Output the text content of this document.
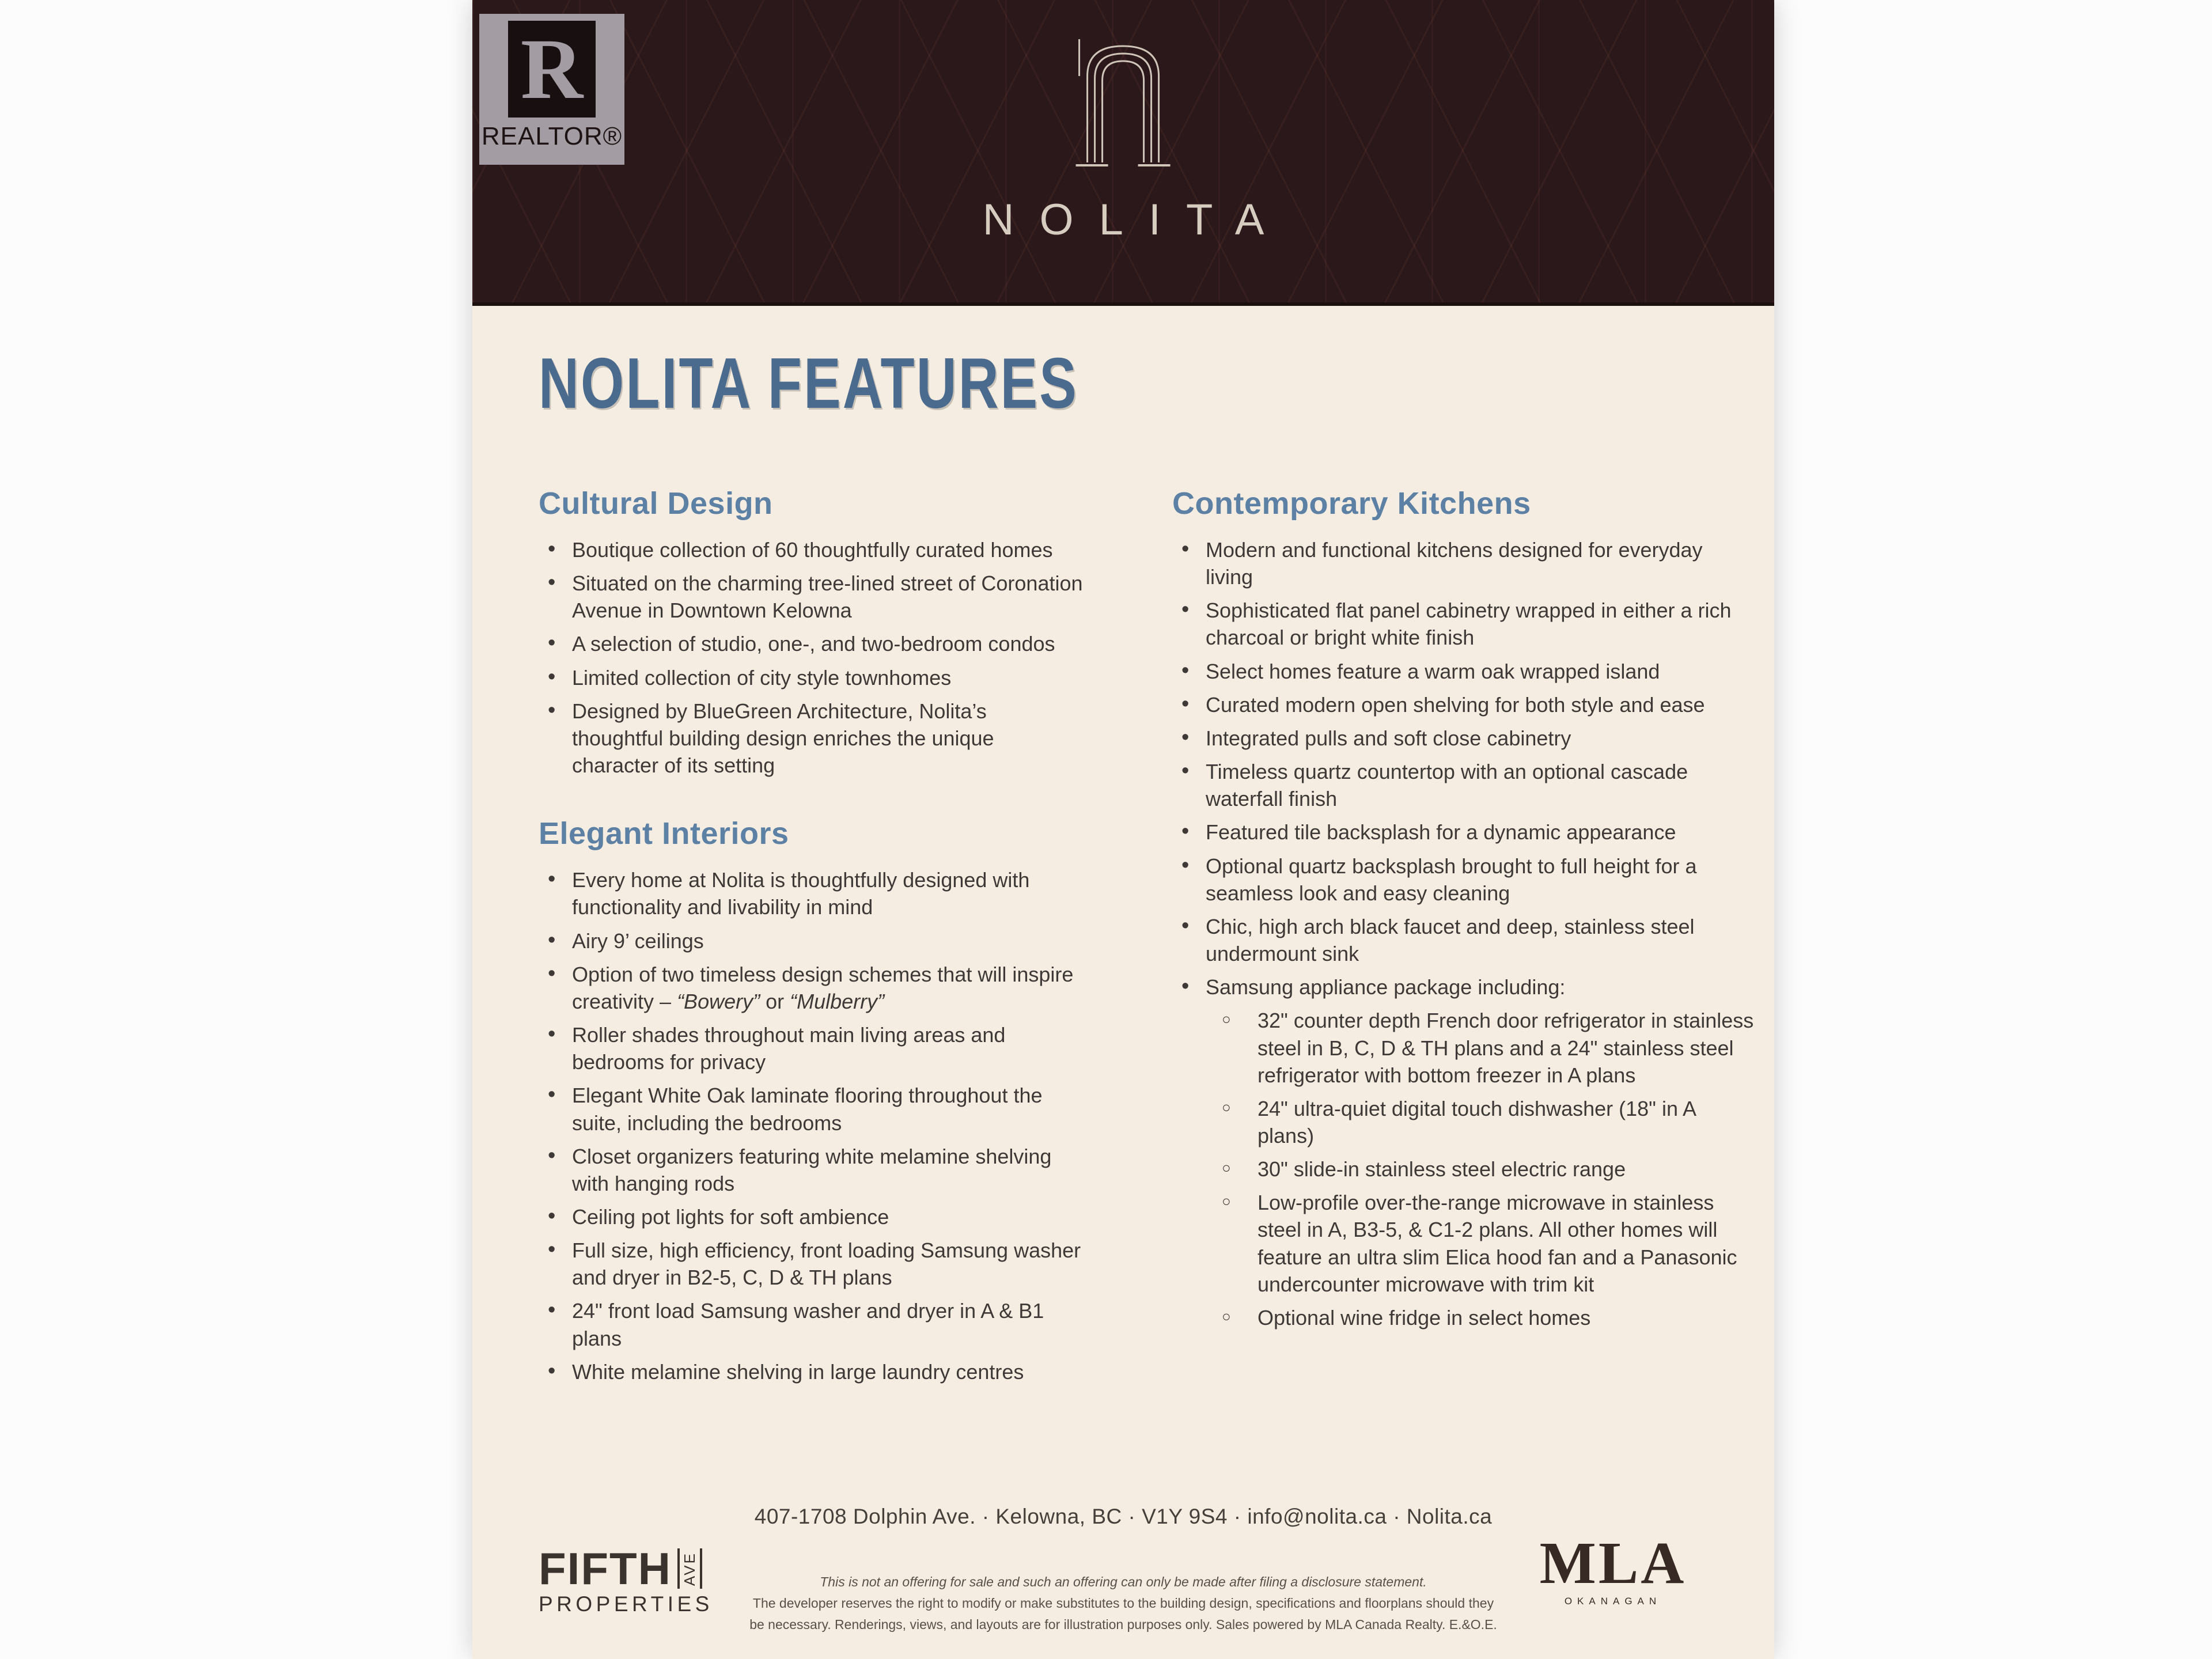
R
REALTOR®
NOLITA
NOLITA FEATURES
Cultural Design
• Boutique collection of 60 thoughtfully curated homes
• Situated on the charming tree-lined street of Coronation Avenue in Downtown Kelowna
• A selection of studio, one-, and two-bedroom condos
• Limited collection of city style townhomes
• Designed by BlueGreen Architecture, Nolita’s thoughtful building design enriches the unique character of its setting
Elegant Interiors
• Every home at Nolita is thoughtfully designed with functionality and livability in mind
• Airy 9’ ceilings
• Option of two timeless design schemes that will inspire creativity – “Bowery” or “Mulberry”
• Roller shades throughout main living areas and bedrooms for privacy
• Elegant White Oak laminate flooring throughout the suite, including the bedrooms
• Closet organizers featuring white melamine shelving with hanging rods
• Ceiling pot lights for soft ambience
• Full size, high efficiency, front loading Samsung washer and dryer in B2-5, C, D & TH plans
• 24" front load Samsung washer and dryer in A & B1 plans
• White melamine shelving in large laundry centres
Contemporary Kitchens
• Modern and functional kitchens designed for everyday living
• Sophisticated flat panel cabinetry wrapped in either a rich charcoal or bright white finish
• Select homes feature a warm oak wrapped island
• Curated modern open shelving for both style and ease
• Integrated pulls and soft close cabinetry
• Timeless quartz countertop with an optional cascade waterfall finish
• Featured tile backsplash for a dynamic appearance
• Optional quartz backsplash brought to full height for a seamless look and easy cleaning
• Chic, high arch black faucet and deep, stainless steel undermount sink
• Samsung appliance package including:
○ 32" counter depth French door refrigerator in stainless steel in B, C, D & TH plans and a 24" stainless steel refrigerator with bottom freezer in A plans
○ 24" ultra-quiet digital touch dishwasher (18" in A plans)
○ 30" slide-in stainless steel electric range
○ Low-profile over-the-range microwave in stainless steel in A, B3-5, & C1-2 plans. All other homes will feature an ultra slim Elica hood fan and a Panasonic undercounter microwave with trim kit
○ Optional wine fridge in select homes
407-1708 Dolphin Ave. · Kelowna, BC · V1Y 9S4 · info@nolita.ca · Nolita.ca
FIFTH AVE
PROPERTIES
This is not an offering for sale and such an offering can only be made after filing a disclosure statement.
The developer reserves the right to modify or make substitutes to the building design, specifications and floorplans should they
be necessary. Renderings, views, and layouts are for illustration purposes only. Sales powered by MLA Canada Realty. E.&O.E.
MLA
OKANAGAN
